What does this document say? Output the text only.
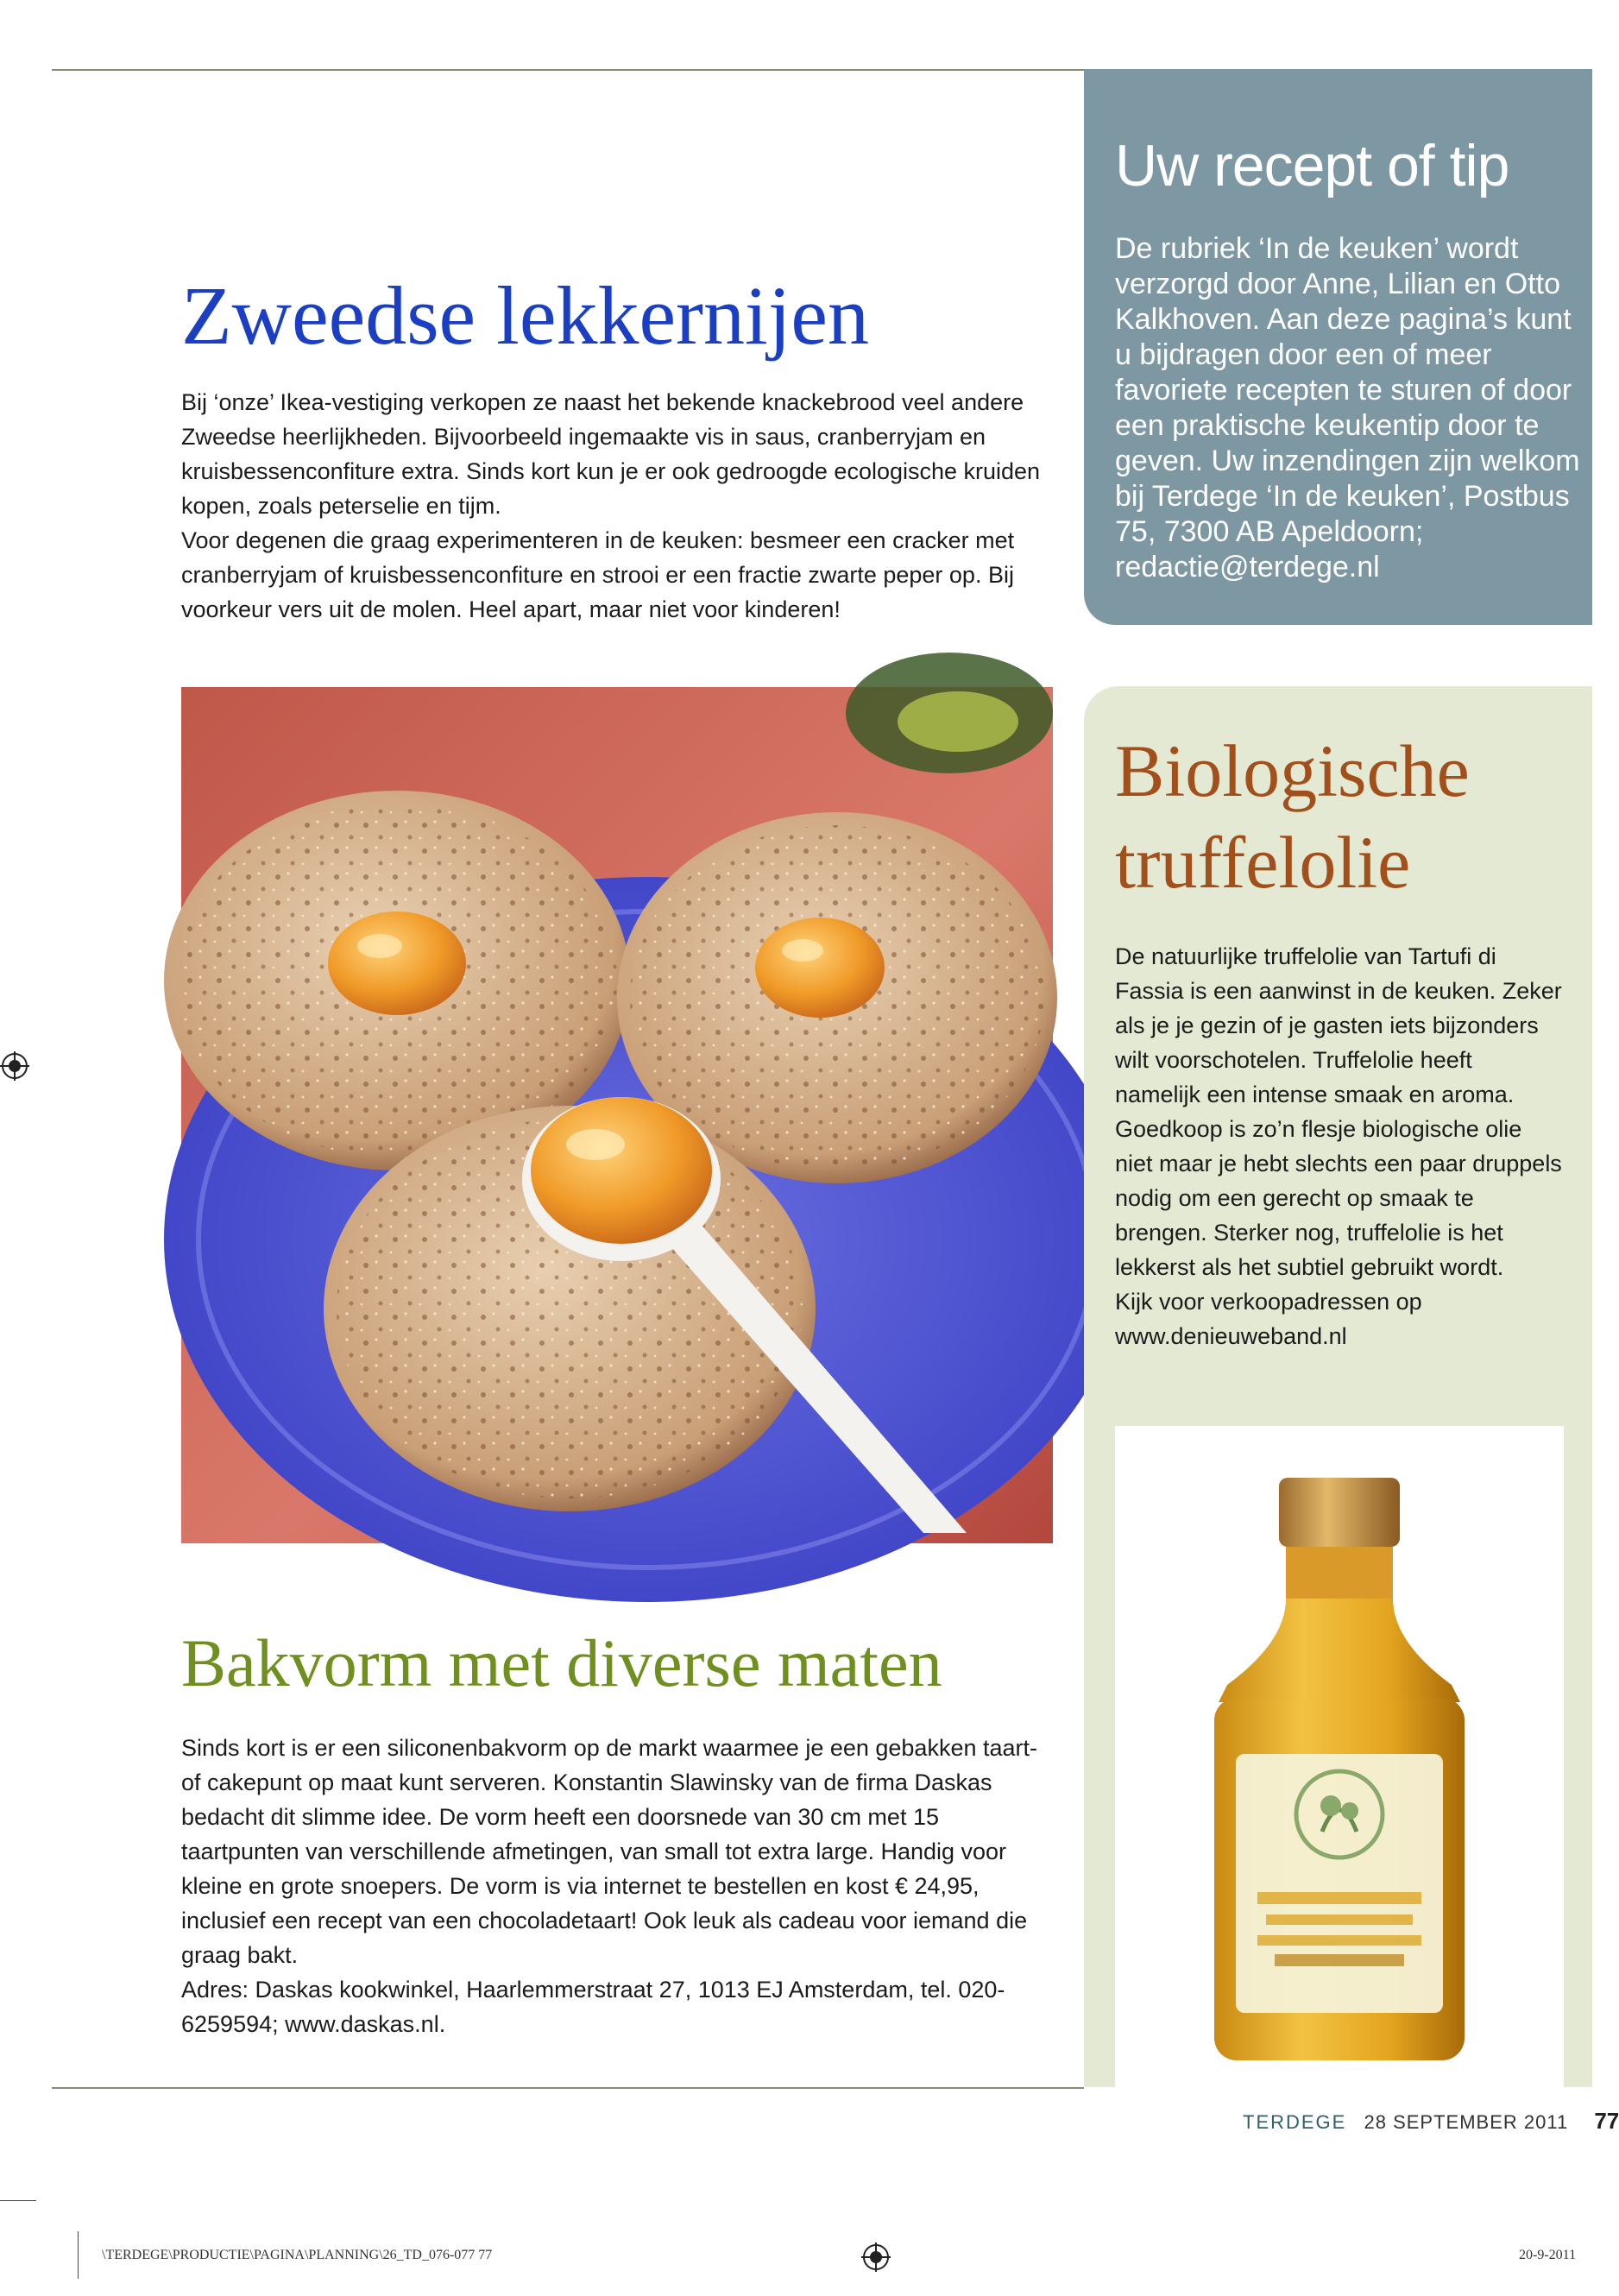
Uw recept of tip

De rubriek ‘In de keuken’ wordt verzorgd door Anne, Lilian en Otto Kalkhoven. Aan deze pagina’s kunt u bijdragen door een of meer favoriete recepten te sturen of door een praktische keukentip door te geven. Uw inzendingen zijn welkom bij Terdege ‘In de keuken’, Postbus 75, 7300 AB Apeldoorn; redactie@terdege.nl

Zweedse lekkernijen

Bij ‘onze’ Ikea-vestiging verkopen ze naast het bekende knackebrood veel andere Zweedse heerlijkheden. Bijvoorbeeld ingemaakte vis in saus, cranberryjam en kruisbessenconfiture extra. Sinds kort kun je er ook gedroogde ecologische kruiden kopen, zoals peterselie en tijm.

Voor degenen die graag experimenteren in de keuken: besmeer een cracker met cranberryjam of kruisbessenconfiture en strooi er een fractie zwarte peper op. Bij voorkeur vers uit de molen. Heel apart, maar niet voor kinderen!

Bakvorm met diverse maten

Sinds kort is er een siliconenbakvorm op de markt waarmee je een gebakken taart- of cakepunt op maat kunt serveren. Konstantin Slawinsky van de firma Daskas bedacht dit slimme idee. De vorm heeft een doorsnede van 30 cm met 15 taartpunten van verschillende afmetingen, van small tot extra large. Handig voor kleine en grote snoepers. De vorm is via internet te bestellen en kost € 24,95, inclusief een recept van een chocoladetaart! Ook leuk als cadeau voor iemand die graag bakt.

Adres: Daskas kookwinkel, Haarlemmerstraat 27, 1013 EJ Amsterdam, tel. 020-6259594; www.daskas.nl.

Biologische truffelolie

De natuurlijke truffelolie van Tartufi di Fassia is een aanwinst in de keuken. Zeker als je je gezin of je gasten iets bijzonders wilt voorschotelen. Truffelolie heeft namelijk een intense smaak en aroma. Goedkoop is zo’n flesje biologische olie niet maar je hebt slechts een paar druppels nodig om een gerecht op smaak te brengen. Sterker nog, truffelolie is het lekkerst als het subtiel gebruikt wordt.

Kijk voor verkoopadressen op www.denieuweband.nl

TERDEGE 28 SEPTEMBER 2011 77
\TERDEGE\PRODUCTIE\PAGINA\PLANNING\26_TD_076-077 77	20-9-2011
